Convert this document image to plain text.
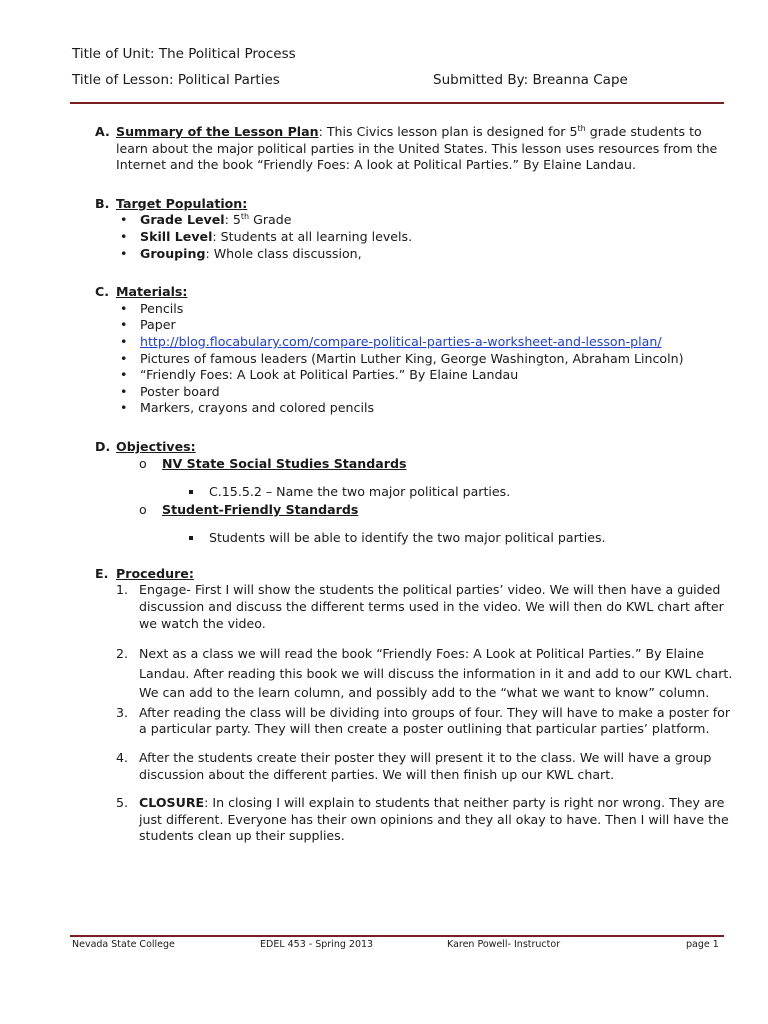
Title of Unit: The Political Process
Title of Lesson: Political Parties	Submitted By: Breanna Cape
A. Summary of the Lesson Plan: This Civics lesson plan is designed for 5th grade students to learn about the major political parties in the United States. This lesson uses resources from the Internet and the book “Friendly Foes: A look at Political Parties.” By Elaine Landau.
B. Target Population:
• Grade Level: 5th Grade
• Skill Level: Students at all learning levels.
• Grouping: Whole class discussion,
C. Materials:
• Pencils
• Paper
• http://blog.flocabulary.com/compare-political-parties-a-worksheet-and-lesson-plan/
• Pictures of famous leaders (Martin Luther King, George Washington, Abraham Lincoln)
• “Friendly Foes: A Look at Political Parties.” By Elaine Landau
• Poster board
• Markers, crayons and colored pencils
D. Objectives:
o NV State Social Studies Standards
C.15.5.2 – Name the two major political parties.
o Student-Friendly Standards
Students will be able to identify the two major political parties.
E. Procedure:
1. Engage- First I will show the students the political parties’ video. We will then have a guided discussion and discuss the different terms used in the video. We will then do KWL chart after we watch the video.
2. Next as a class we will read the book “Friendly Foes: A Look at Political Parties.” By Elaine Landau. After reading this book we will discuss the information in it and add to our KWL chart. We can add to the learn column, and possibly add to the “what we want to know” column.
3. After reading the class will be dividing into groups of four. They will have to make a poster for a particular party. They will then create a poster outlining that particular parties’ platform.
4. After the students create their poster they will present it to the class. We will have a group discussion about the different parties. We will then finish up our KWL chart.
5. CLOSURE: In closing I will explain to students that neither party is right nor wrong. They are just different. Everyone has their own opinions and they all okay to have. Then I will have the students clean up their supplies.
Nevada State College	EDEL 453 - Spring 2013	Karen Powell- Instructor	page 1
